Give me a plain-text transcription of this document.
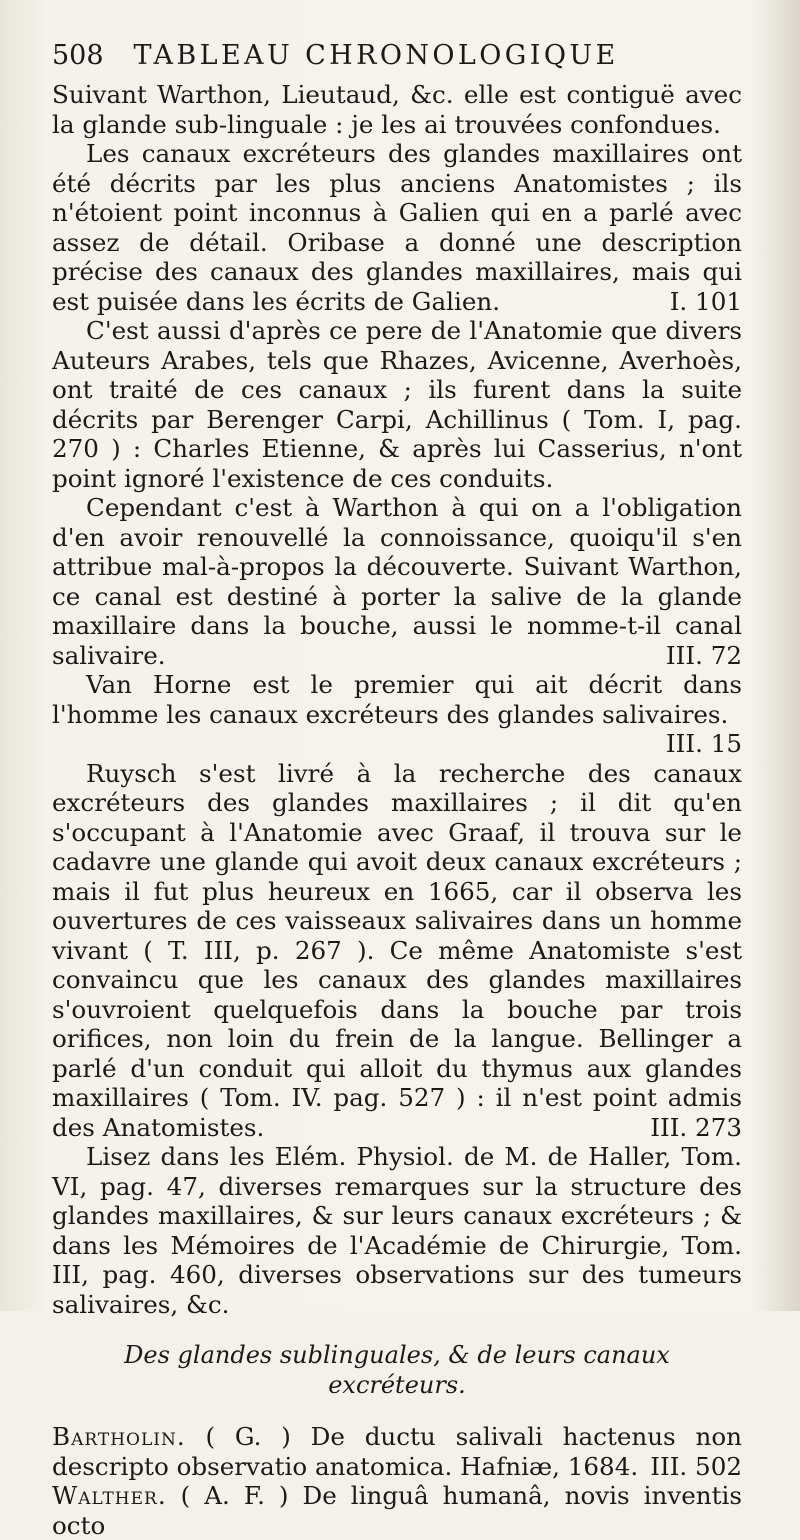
508 TABLEAU CHRONOLOGIQUE

Suivant Warthon, Lieutaud, &c. elle est contiguë avec la glande sub-linguale : je les ai trouvées confondues.

Les canaux excréteurs des glandes maxillaires ont été décrits par les plus anciens Anatomistes ; ils n'étoient point inconnus à Galien qui en a parlé avec assez de détail. Oribase a donné une description précise des canaux des glandes maxillaires, mais qui est puisée dans les écrits de Galien.	I. 101

C'est aussi d'après ce pere de l'Anatomie que divers Auteurs Arabes, tels que Rhazes, Avicenne, Averhoès, ont traité de ces canaux ; ils furent dans la suite décrits par Berenger Carpi, Achillinus ( Tom. I, pag. 270 ) : Charles Etienne, & après lui Casserius, n'ont point ignoré l'existence de ces conduits.

Cependant c'est à Warthon à qui on a l'obligation d'en avoir renouvellé la connoissance, quoiqu'il s'en attribue mal-à-propos la découverte. Suivant Warthon, ce canal est destiné à porter la salive de la glande maxillaire dans la bouche, aussi le nomme-t-il canal salivaire.	III. 72

Van Horne est le premier qui ait décrit dans l'homme les canaux excréteurs des glandes salivaires.
III. 15

Ruysch s'est livré à la recherche des canaux excréteurs des glandes maxillaires ; il dit qu'en s'occupant à l'Anatomie avec Graaf, il trouva sur le cadavre une glande qui avoit deux canaux excréteurs ; mais il fut plus heureux en 1665, car il observa les ouvertures de ces vaisseaux salivaires dans un homme vivant ( T. III, p. 267 ). Ce même Anatomiste s'est convaincu que les canaux des glandes maxillaires s'ouvroient quelquefois dans la bouche par trois orifices, non loin du frein de la langue. Bellinger a parlé d'un conduit qui alloit du thymus aux glandes maxillaires ( Tom. IV. pag. 527 ) : il n'est point admis des Anatomistes.	III. 273

Lisez dans les Elém. Physiol. de M. de Haller, Tom. VI, pag. 47, diverses remarques sur la structure des glandes maxillaires, & sur leurs canaux excréteurs ; & dans les Mémoires de l'Académie de Chirurgie, Tom. III, pag. 460, diverses observations sur des tumeurs salivaires, &c.

Des glandes sublinguales, & de leurs canaux excréteurs.

Bartholin. ( G. ) De ductu salivali hactenus non descripto observatio anatomica. Hafniæ, 1684. III. 502

Walther. ( A. F. ) De linguâ humanâ, novis inventis octo
